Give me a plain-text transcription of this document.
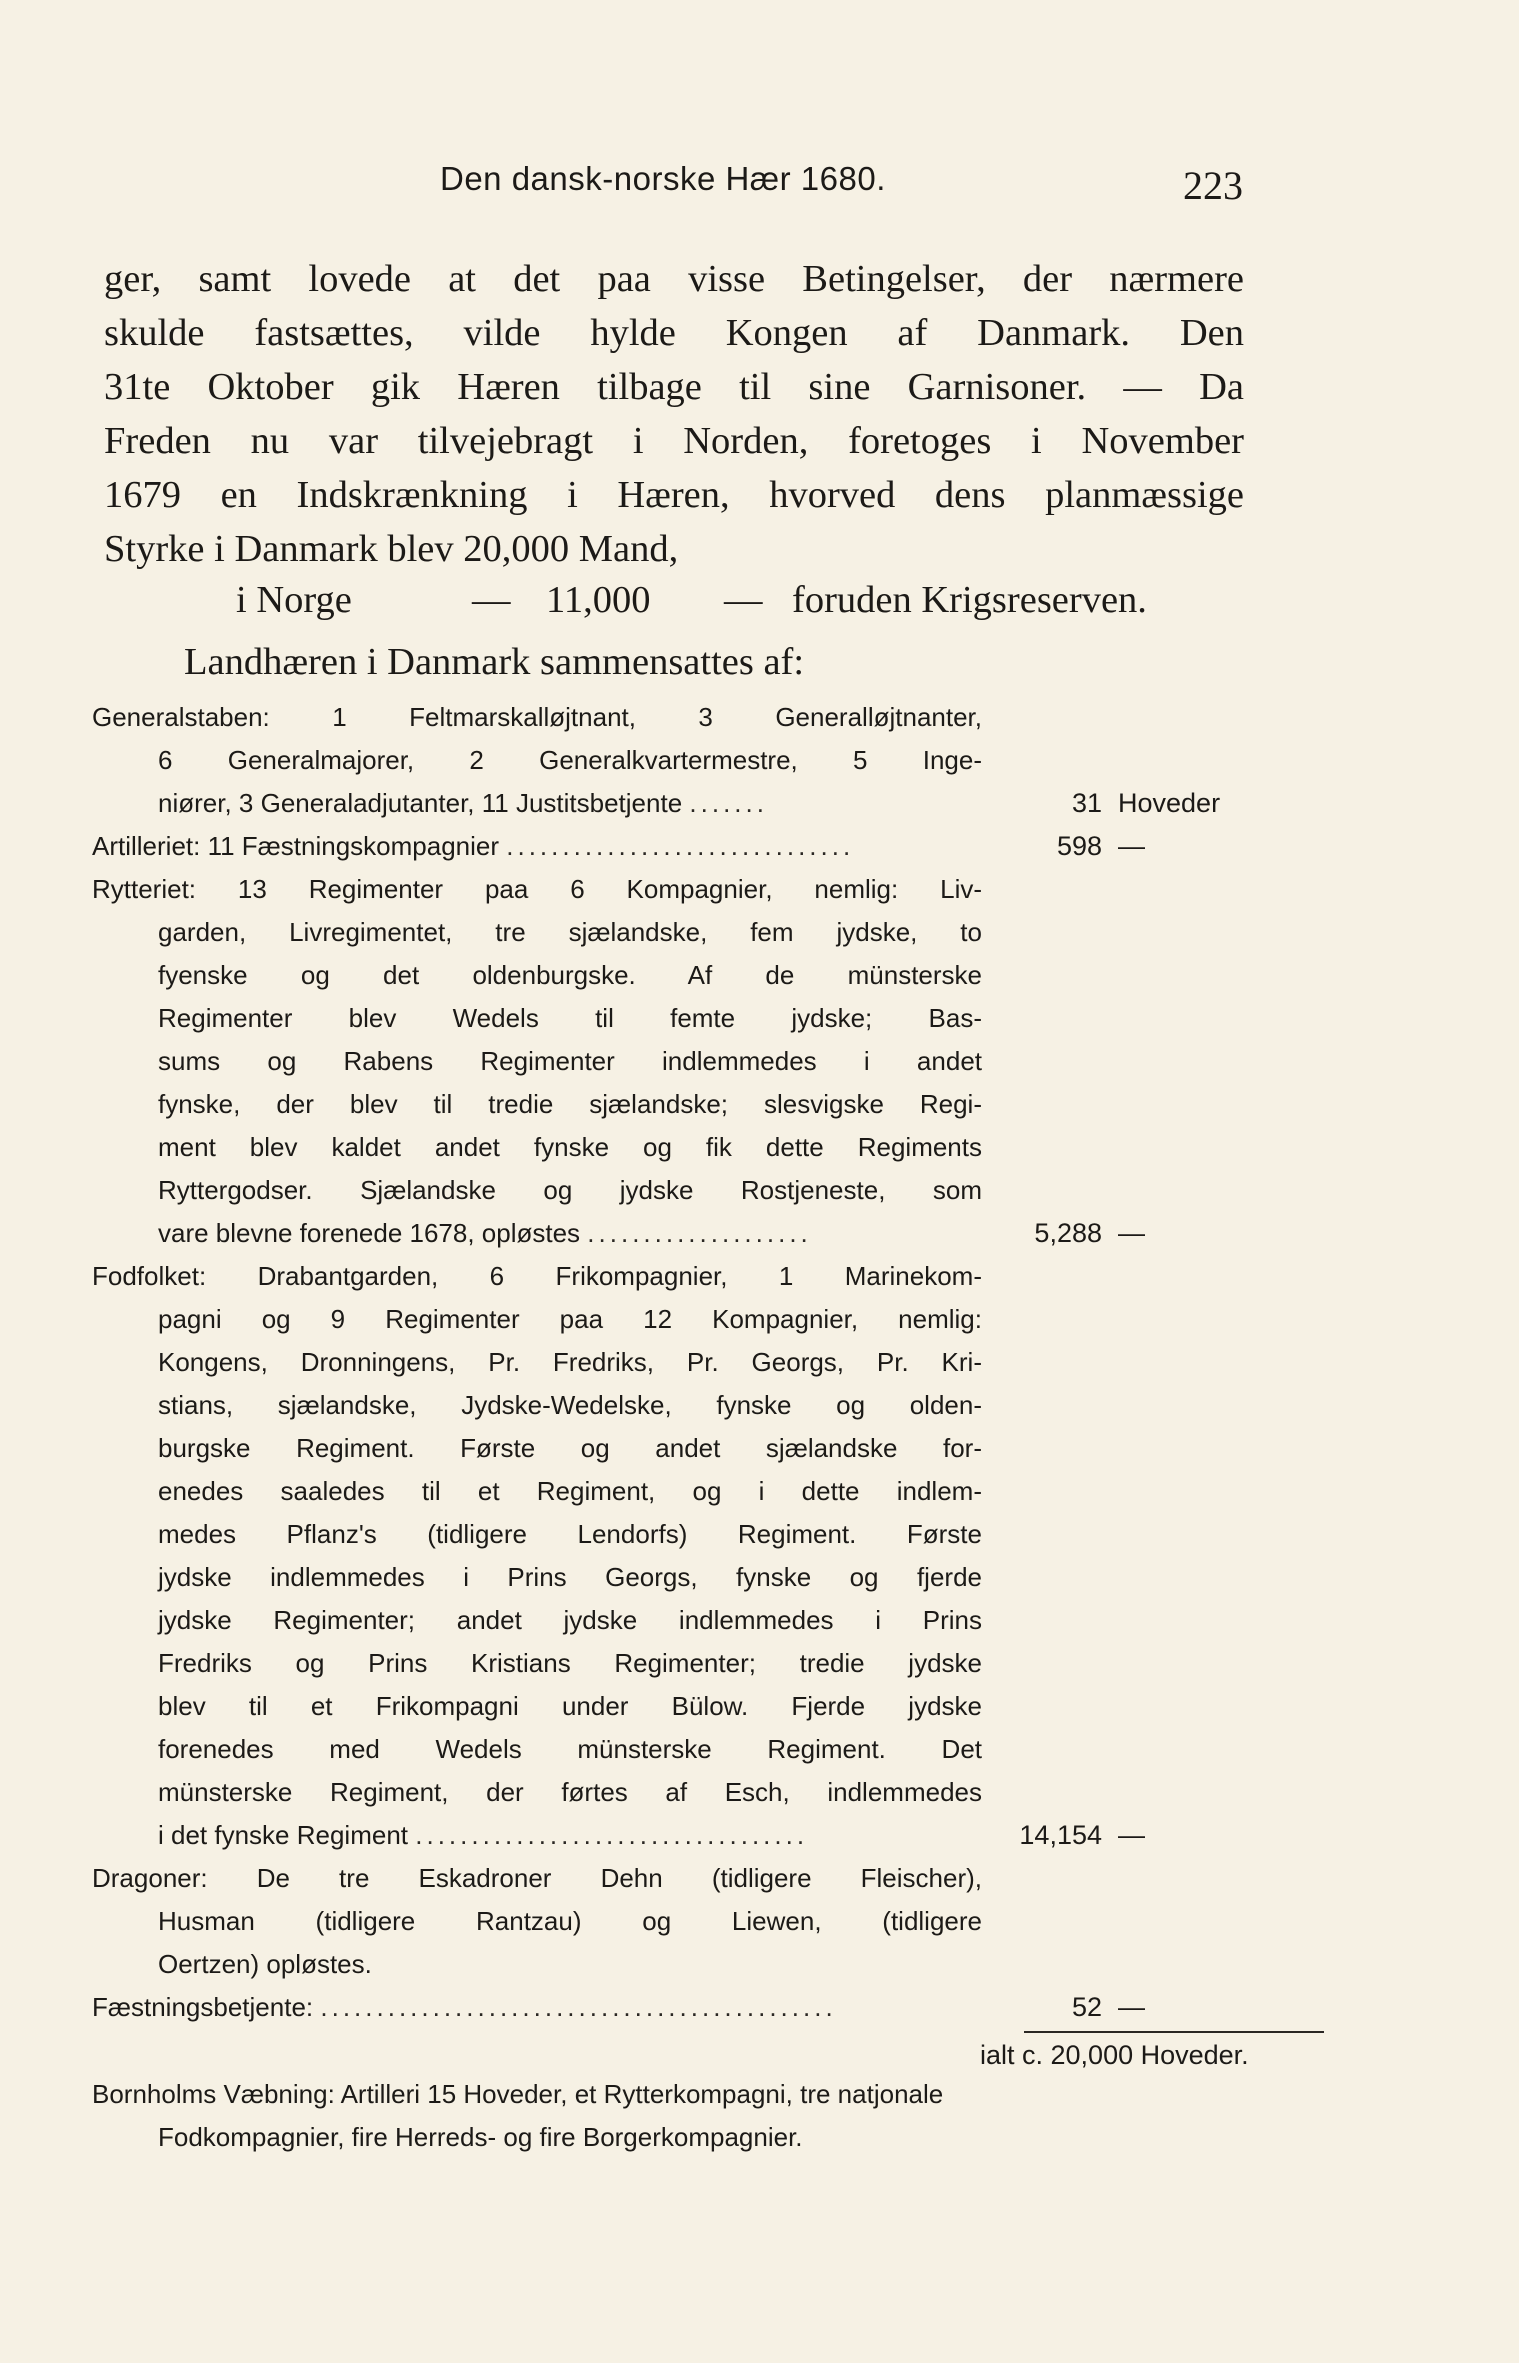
Den dansk-norske Hær 1680.	223
ger, samt lovede at det paa visse Betingelser, der nærmere
skulde fastsættes, vilde hylde Kongen af Danmark. Den
31te Oktober gik Hæren tilbage til sine Garnisoner. — Da
Freden nu var tilvejebragt i Norden, foretoges i November
1679 en Indskrænkning i Hæren, hvorved dens planmæssige
Styrke i Danmark blev 20,000 Mand,
i Norge	— 11,000 — foruden Krigsreserven.
Landhæren i Danmark sammensattes af:
Generalstaben: 1 Feltmarskalløjtnant, 3 Generalløjtnanter,
6 Generalmajorer, 2 Generalkvartermestre, 5 Inge-
niører, 3 Generaladjutanter, 11 Justitsbetjente .......	31 Hoveder
Artilleriet: 11 Fæstningskompagnier ...............................	598 —
Rytteriet: 13 Regimenter paa 6 Kompagnier, nemlig: Liv-
garden, Livregimentet, tre sjælandske, fem jydske, to
fyenske og det oldenburgske. Af de münsterske
Regimenter blev Wedels til femte jydske; Bas-
sums og Rabens Regimenter indlemmedes i andet
fynske, der blev til tredie sjælandske; slesvigske Regi-
ment blev kaldet andet fynske og fik dette Regiments
Ryttergodser. Sjælandske og jydske Rostjeneste, som
vare blevne forenede 1678, opløstes ....................	5,288 —
Fodfolket: Drabantgarden, 6 Frikompagnier, 1 Marinekom-
pagni og 9 Regimenter paa 12 Kompagnier, nemlig:
Kongens, Dronningens, Pr. Fredriks, Pr. Georgs, Pr. Kri-
stians, sjælandske, Jydske-Wedelske, fynske og olden-
burgske Regiment. Første og andet sjælandske for-
enedes saaledes til et Regiment, og i dette indlem-
medes Pflanz's (tidligere Lendorfs) Regiment. Første
jydske indlemmedes i Prins Georgs, fynske og fjerde
jydske Regimenter; andet jydske indlemmedes i Prins
Fredriks og Prins Kristians Regimenter; tredie jydske
blev til et Frikompagni under Bülow. Fjerde jydske
forenedes med Wedels münsterske Regiment. Det
münsterske Regiment, der førtes af Esch, indlemmedes
i det fynske Regiment ...................................	14,154 —
Dragoner: De tre Eskadroner Dehn (tidligere Fleischer),
Husman (tidligere Rantzau) og Liewen, (tidligere
Oertzen) opløstes.
Fæstningsbetjente: ..............................................	52 —
ialt c. 20,000 Hoveder.
Bornholms Væbning: Artilleri 15 Hoveder, et Rytterkompagni, tre natjonale
Fodkompagnier, fire Herreds- og fire Borgerkompagnier.
